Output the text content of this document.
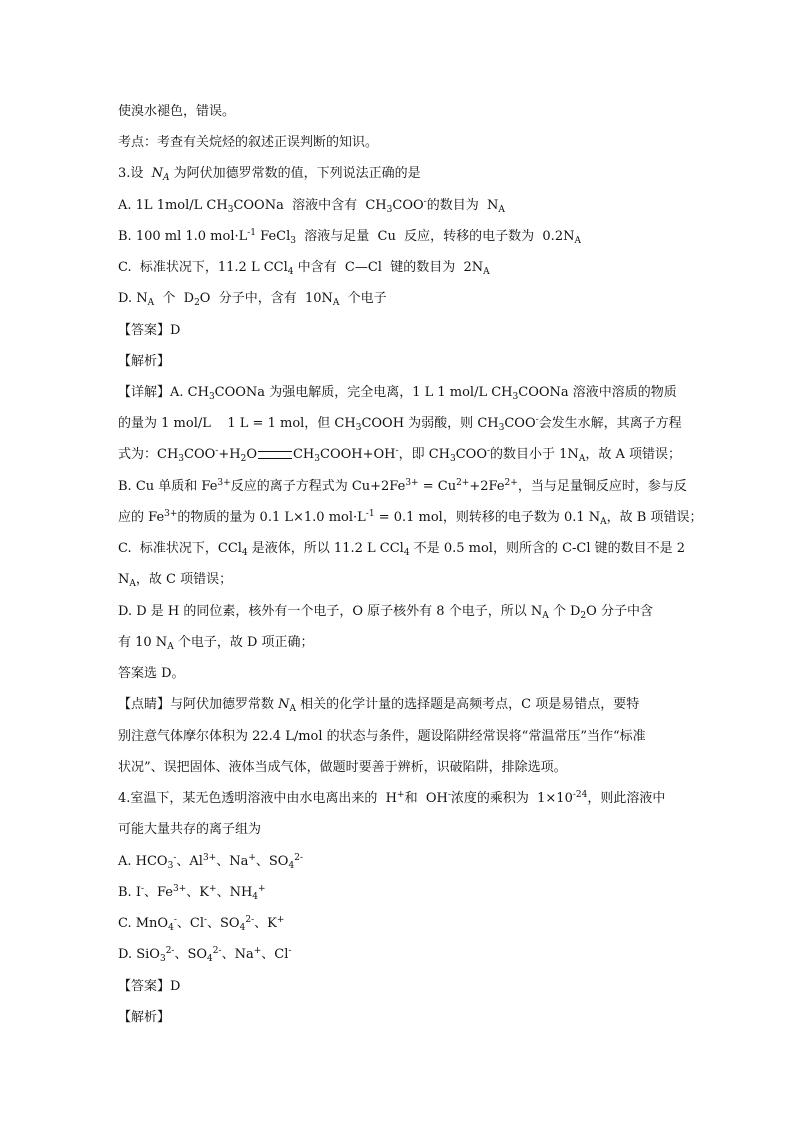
使溴水褪色，错误。
考点：考查有关烷烃的叙述正误判断的知识。
3.设  $N_A$ 为阿伏加德罗常数的值，下列说法正确的是
A. 1L 1mol/L $CH_3COONa$  溶液中含有  $CH_3COO^-$的数目为  $N_A$
B. 100 ml 1.0 $mol\cdot L^{-1}$ FeCl$_3$  溶液与足量  Cu  反应，转移的电子数为  $0.2N_A$
C.  标准状况下，11.2 L CCl$_4$ 中含有  C—Cl  键的数目为  $2N_A$
D. $N_A$  个  $D_2O$  分子中，含有  $10N_A$  个电子
【答案】D
【解析】
【详解】A. $CH_3COONa$ 为强电解质，完全电离，1 L 1 mol/L $CH_3COONa$ 溶液中溶质的物质
的量为 1 mol/L    1 L = 1 mol，但 $CH_3COOH$ 为弱酸，则 $CH_3COO^-$会发生水解，其离子方程
式为：$CH_3COO^-+H_2O$	$CH_3COOH+OH^-$，即 $CH_3COO^-$的数目小于 $1N_A$，故 A 项错误；
B. Cu 单质和 $Fe^{3+}$反应的离子方程式为 $Cu+2Fe^{3+} = Cu^{2+}+2Fe^{2+}$，当与足量铜反应时，参与反
应的 $Fe^{3+}$的物质的量为 0.1 L×1.0 $mol\cdot L^{-1} = 0.1$ mol，则转移的电子数为 0.1 $N_A$，故 B 项错误；
C.  标准状况下，CCl$_4$ 是液体，所以 11.2 L CCl$_4$ 不是 0.5 mol，则所含的 C-Cl 键的数目不是 2
$N_A$，故 C 项错误；
D. D 是 H 的同位素，核外有一个电子，O 原子核外有 8 个电子，所以 $N_A$ 个 $D_2O$ 分子中含
有 10 $N_A$ 个电子，故 D 项正确；
答案选 D。
【点睛】与阿伏加德罗常数 $N_A$ 相关的化学计量的选择题是高频考点，C 项是易错点，要特
别注意气体摩尔体积为 22.4 L/mol 的状态与条件，题设陷阱经常误将“常温常压”当作“标准
状况”、误把固体、液体当成气体，做题时要善于辨析，识破陷阱，排除选项。
4.室温下，某无色透明溶液中由水电离出来的  H+和  OH-浓度的乘积为  $1\times 10^{-24}$，则此溶液中
可能大量共存的离子组为
A. $HCO_3^-$、$Al^{3+}$、Na+、$SO_4^{2-}$
B. I-、$Fe^{3+}$、K+、$NH_4^+$
C. MnO$_4$-、Cl-、$SO_4^{2-}$、K+
D. SiO$_3^{2-}$、$SO_4^{2-}$、Na+、Cl-
【答案】D
【解析】
